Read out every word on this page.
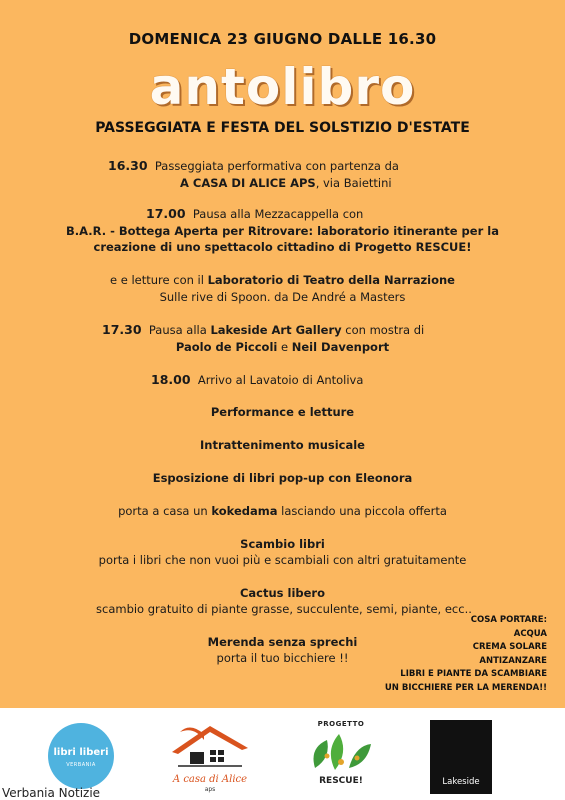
DOMENICA 23 GIUGNO DALLE 16.30
antolibro
PASSEGGIATA E FESTA DEL SOLSTIZIO D'ESTATE
16.30 Passeggiata performativa con partenza da
A CASA DI ALICE APS, via Baiettini
17.00 Pausa alla Mezzacappella con
B.A.R. - Bottega Aperta per Ritrovare: laboratorio itinerante per la
creazione di uno spettacolo cittadino di Progetto RESCUE!
e e letture con il Laboratorio di Teatro della Narrazione
Sulle rive di Spoon. da De André a Masters
17.30 Pausa alla Lakeside Art Gallery con mostra di
Paolo de Piccoli e Neil Davenport
18.00 Arrivo al Lavatoio di Antoliva
Performance e letture
Intrattenimento musicale
Esposizione di libri pop-up con Eleonora
porta a casa un kokedama lasciando una piccola offerta
Scambio libri
porta i libri che non vuoi più e scambiali con altri gratuitamente
Cactus libero
scambio gratuito di piante grasse, succulente, semi, piante, ecc..
Merenda senza sprechi
porta il tuo bicchiere !!
COSA PORTARE:
ACQUA
CREMA SOLARE
ANTIZANZARE
LIBRI E PIANTE DA SCAMBIARE
UN BICCHIERE PER LA MERENDA!!
libri liberi
VERBANIA
Verbania Notizie
A casa di Alice
aps
PROGETTO
RESCUE!	Lakeside
